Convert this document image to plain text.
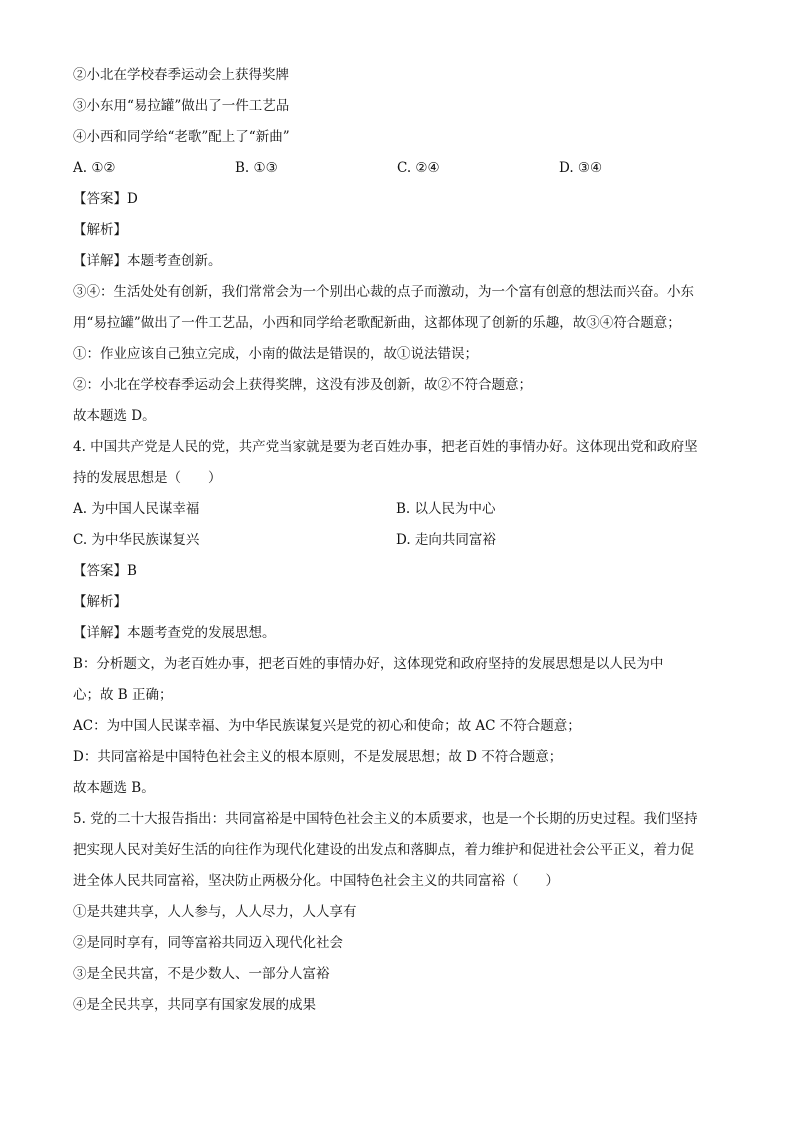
②小北在学校春季运动会上获得奖牌
③小东用“易拉罐”做出了一件工艺品
④小西和同学给“老歌”配上了“新曲”
A. ①②	B. ①③	C. ②④	D. ③④
【答案】D
【解析】
【详解】本题考查创新。
③④：生活处处有创新，我们常常会为一个别出心裁的点子而激动，为一个富有创意的想法而兴奋。小东
用“易拉罐”做出了一件工艺品，小西和同学给老歌配新曲，这都体现了创新的乐趣，故③④符合题意；
①：作业应该自己独立完成，小南的做法是错误的，故①说法错误；
②：小北在学校春季运动会上获得奖牌，这没有涉及创新，故②不符合题意；
故本题选 D。
4. 中国共产党是人民的党，共产党当家就是要为老百姓办事，把老百姓的事情办好。这体现出党和政府坚
持的发展思想是（　　）
A. 为中国人民谋幸福	B. 以人民为中心
C. 为中华民族谋复兴	D. 走向共同富裕
【答案】B
【解析】
【详解】本题考查党的发展思想。
B：分析题文，为老百姓办事，把老百姓的事情办好，这体现党和政府坚持的发展思想是以人民为中
心；故 B 正确；
AC：为中国人民谋幸福、为中华民族谋复兴是党的初心和使命；故 AC 不符合题意；
D：共同富裕是中国特色社会主义的根本原则，不是发展思想；故 D 不符合题意；
故本题选 B。
5. 党的二十大报告指出：共同富裕是中国特色社会主义的本质要求，也是一个长期的历史过程。我们坚持
把实现人民对美好生活的向往作为现代化建设的出发点和落脚点，着力维护和促进社会公平正义，着力促
进全体人民共同富裕，坚决防止两极分化。中国特色社会主义的共同富裕（　　）
①是共建共享，人人参与，人人尽力，人人享有
②是同时享有，同等富裕共同迈入现代化社会
③是全民共富，不是少数人、一部分人富裕
④是全民共享，共同享有国家发展的成果
